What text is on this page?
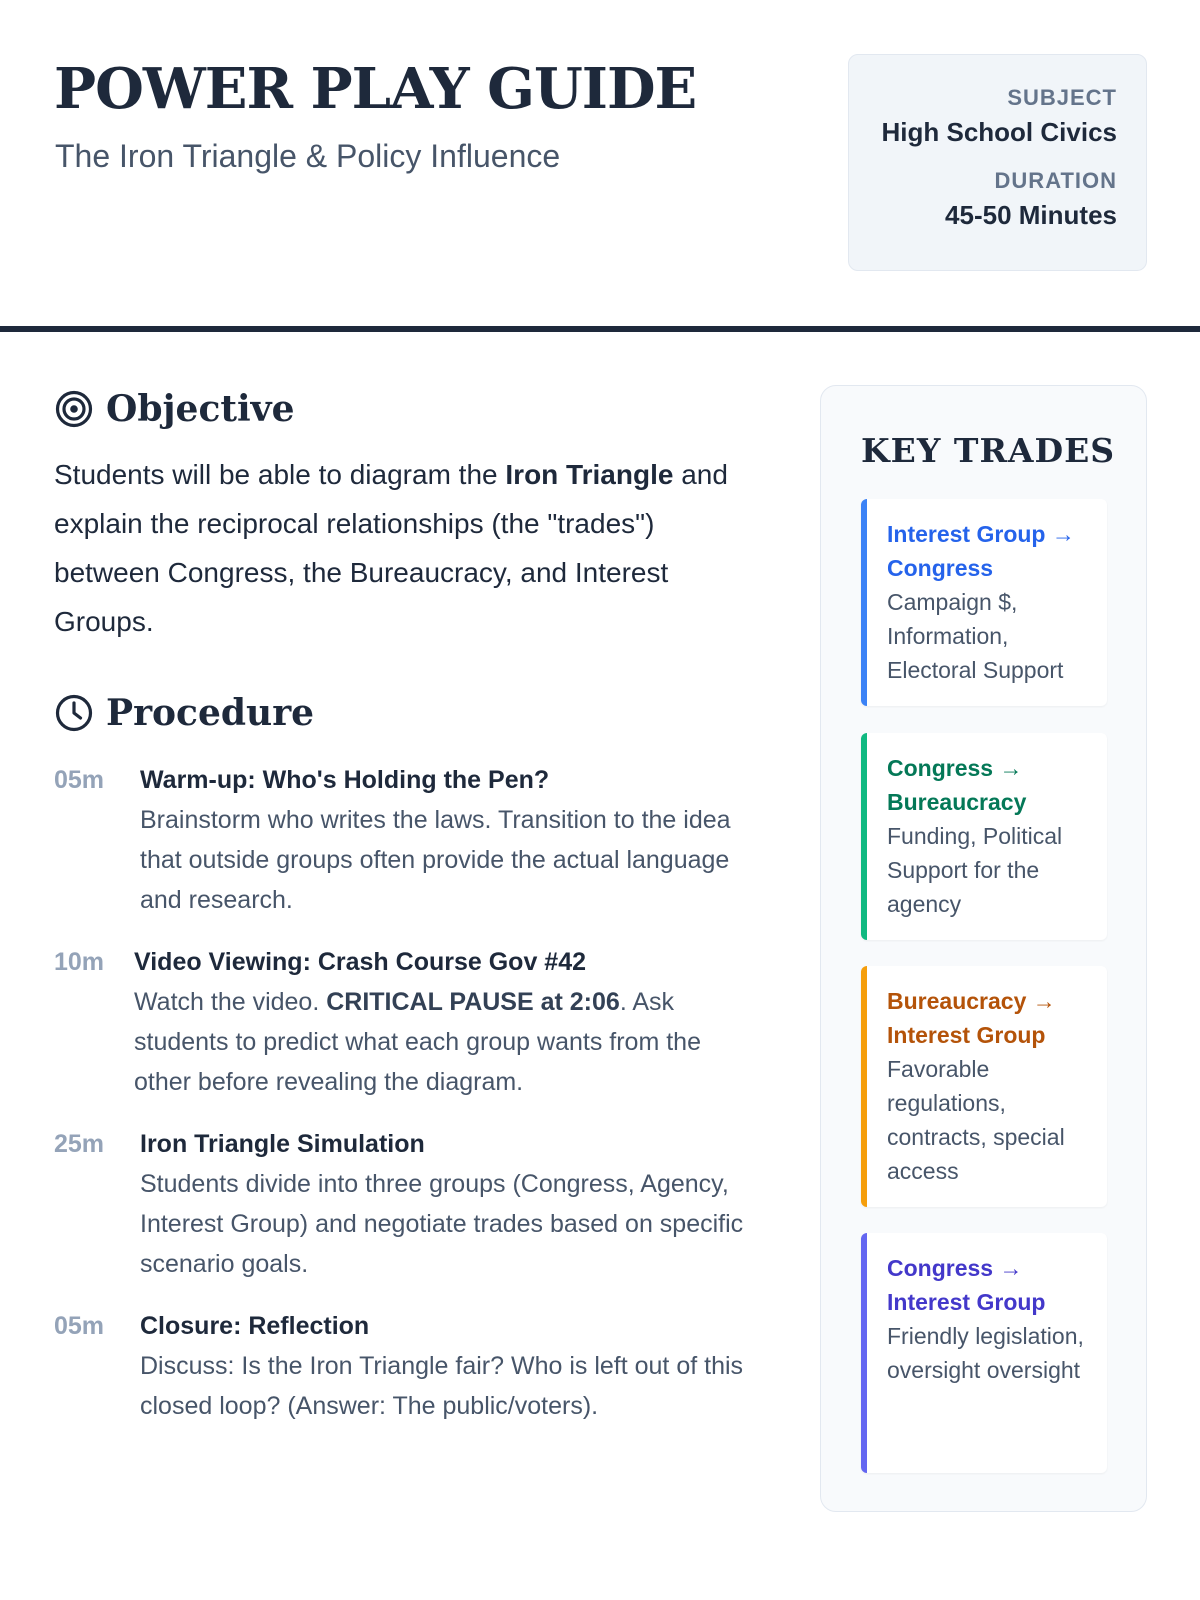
POWER PLAY GUIDE
The Iron Triangle & Policy Influence
SUBJECT
High School Civics
DURATION
45-50 Minutes
Objective

Students will be able to diagram the Iron Triangle and explain the reciprocal relationships (the "trades") between Congress, the Bureaucracy, and Interest Groups.

Procedure
05m	Warm-up: Who's Holding the Pen?
Brainstorm who writes the laws. Transition to the idea that outside groups often provide the actual language and research.
10m	Video Viewing: Crash Course Gov #42
Watch the video. CRITICAL PAUSE at 2:06. Ask students to predict what each group wants from the other before revealing the diagram.
25m	Iron Triangle Simulation
Students divide into three groups (Congress, Agency, Interest Group) and negotiate trades based on specific scenario goals.
05m	Closure: Reflection
Discuss: Is the Iron Triangle fair? Who is left out of this closed loop? (Answer: The public/voters).
KEY TRADES
Interest Group → Congress
Campaign $, Information, Electoral Support
Congress → Bureaucracy
Funding, Political Support for the agency
Bureaucracy → Interest Group
Favorable regulations, contracts, special access
Congress → Interest Group
Friendly legislation, oversight oversight
